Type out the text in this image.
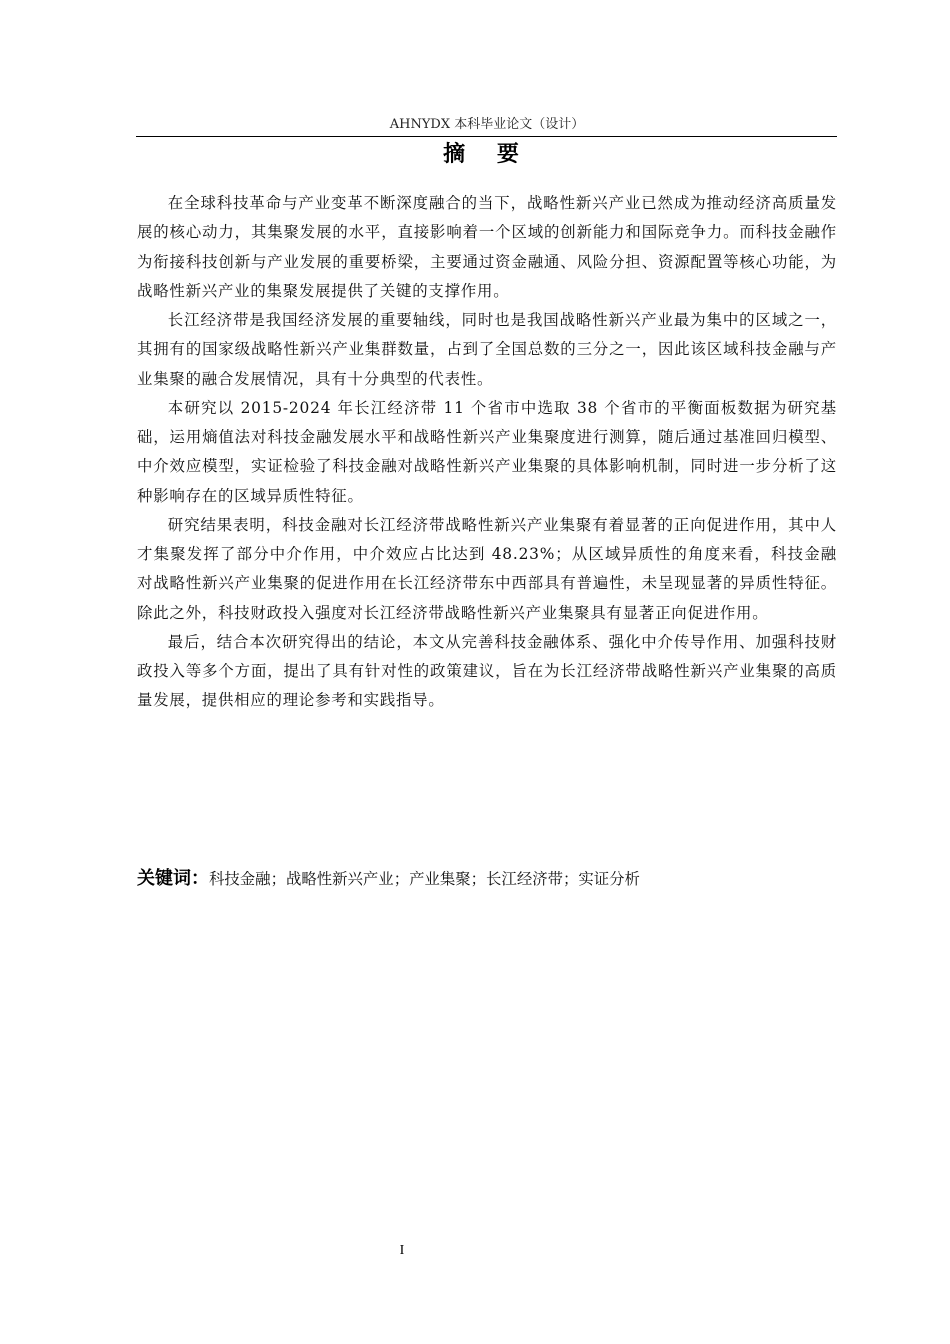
AHNYDX 本科毕业论文（设计）
摘 要

在全球科技革命与产业变革不断深度融合的当下，战略性新兴产业已然成为推动经济高质量发展的核心动力，其集聚发展的水平，直接影响着一个区域的创新能力和国际竞争力。而科技金融作为衔接科技创新与产业发展的重要桥梁，主要通过资金融通、风险分担、资源配置等核心功能，为战略性新兴产业的集聚发展提供了关键的支撑作用。

长江经济带是我国经济发展的重要轴线，同时也是我国战略性新兴产业最为集中的区域之一，其拥有的国家级战略性新兴产业集群数量，占到了全国总数的三分之一，因此该区域科技金融与产业集聚的融合发展情况，具有十分典型的代表性。

本研究以 2015-2024 年长江经济带 11 个省市中选取 38 个省市的平衡面板数据为研究基础，运用熵值法对科技金融发展水平和战略性新兴产业集聚度进行测算，随后通过基准回归模型、中介效应模型，实证检验了科技金融对战略性新兴产业集聚的具体影响机制，同时进一步分析了这种影响存在的区域异质性特征。

研究结果表明，科技金融对长江经济带战略性新兴产业集聚有着显著的正向促进作用，其中人才集聚发挥了部分中介作用，中介效应占比达到 48.23%；从区域异质性的角度来看，科技金融对战略性新兴产业集聚的促进作用在长江经济带东中西部具有普遍性，未呈现显著的异质性特征。除此之外，科技财政投入强度对长江经济带战略性新兴产业集聚具有显著正向促进作用。

最后，结合本次研究得出的结论，本文从完善科技金融体系、强化中介传导作用、加强科技财政投入等多个方面，提出了具有针对性的政策建议，旨在为长江经济带战略性新兴产业集聚的高质量发展，提供相应的理论参考和实践指导。

关键词：科技金融；战略性新兴产业；产业集聚；长江经济带；实证分析
I
